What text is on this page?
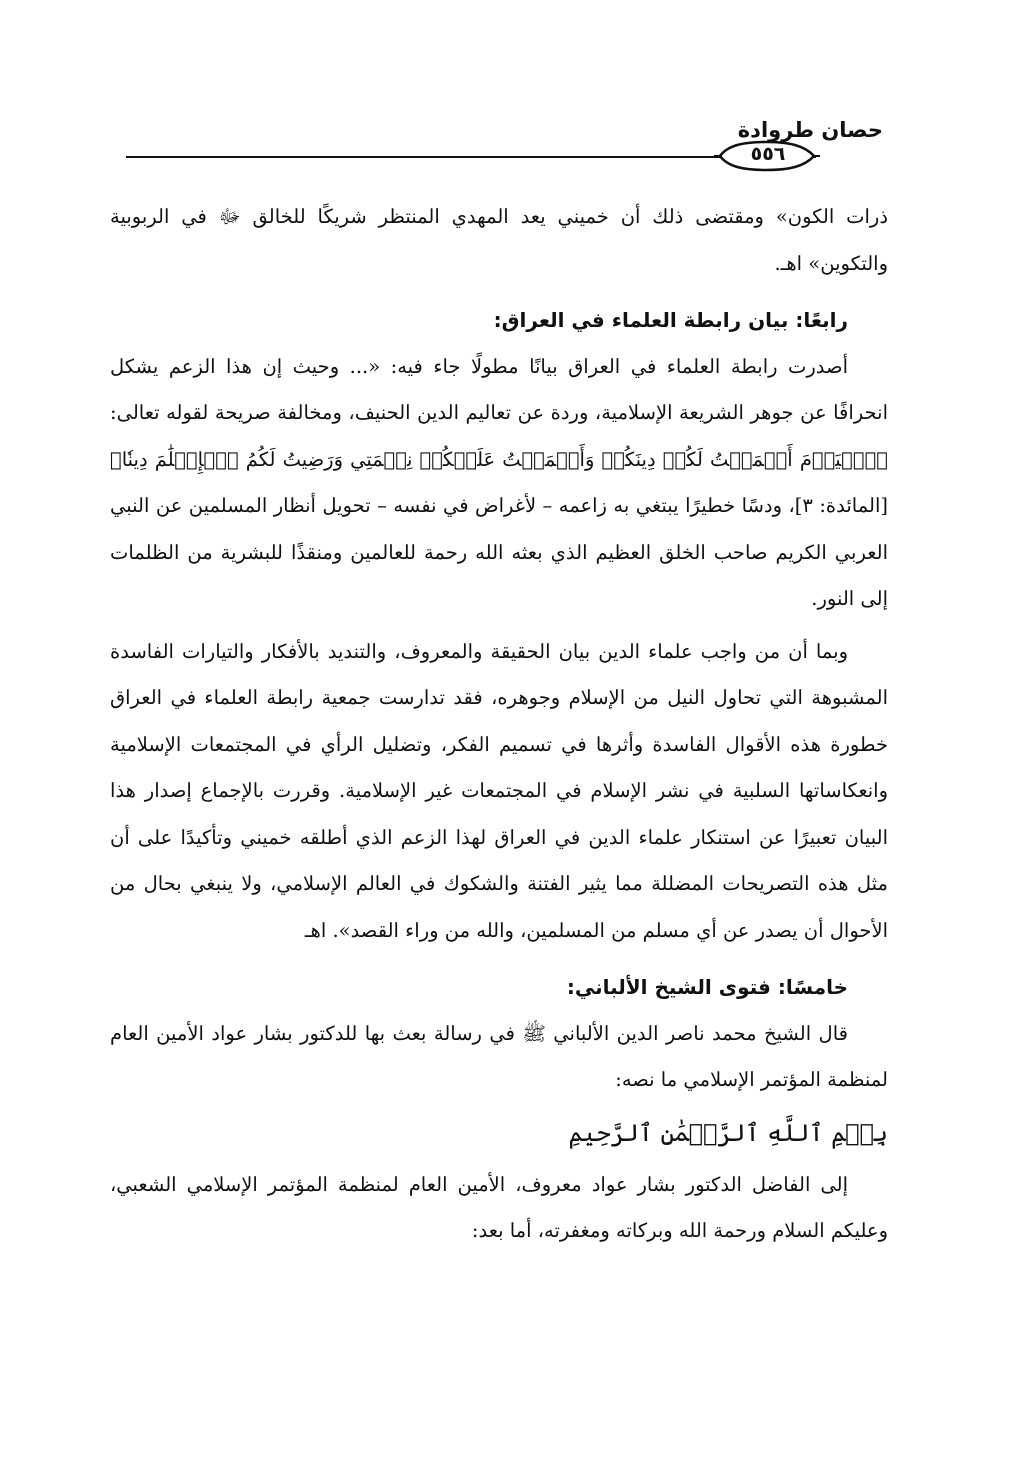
حصان طروادة
٥٥٦

ذرات الكون» ومقتضى ذلك أن خميني يعد المهدي المنتظر شريكًا للخالق ﷻ في الربوبية والتكوين» اهـ.

رابعًا: بيان رابطة العلماء في العراق:

أصدرت رابطة العلماء في العراق بيانًا مطولًا جاء فيه: «... وحيث إن هذا الزعم يشكل انحرافًا عن جوهر الشريعة الإسلامية، وردة عن تعاليم الدين الحنيف، ومخالفة صريحة لقوله تعالى: ﴿ٱلۡيَوۡمَ أَكۡمَلۡتُ لَكُمۡ دِينَكُمۡ وَأَتۡمَمۡتُ عَلَيۡكُمۡ نِعۡمَتِي وَرَضِيتُ لَكُمُ ٱلۡإِسۡلَٰمَ دِينٗا﴾ [المائدة: ٣]، ودسًا خطيرًا يبتغي به زاعمه – لأغراض في نفسه – تحويل أنظار المسلمين عن النبي العربي الكريم صاحب الخلق العظيم الذي بعثه الله رحمة للعالمين ومنقذًا للبشرية من الظلمات إلى النور.

وبما أن من واجب علماء الدين بيان الحقيقة والمعروف، والتنديد بالأفكار والتيارات الفاسدة المشبوهة التي تحاول النيل من الإسلام وجوهره، فقد تدارست جمعية رابطة العلماء في العراق خطورة هذه الأقوال الفاسدة وأثرها في تسميم الفكر، وتضليل الرأي في المجتمعات الإسلامية وانعكاساتها السلبية في نشر الإسلام في المجتمعات غير الإسلامية. وقررت بالإجماع إصدار هذا البيان تعبيرًا عن استنكار علماء الدين في العراق لهذا الزعم الذي أطلقه خميني وتأكيدًا على أن مثل هذه التصريحات المضللة مما يثير الفتنة والشكوك في العالم الإسلامي، ولا ينبغي بحال من الأحوال أن يصدر عن أي مسلم من المسلمين، والله من وراء القصد». اهـ

خامسًا: فتوى الشيخ الألباني:

قال الشيخ محمد ناصر الدين الألباني ﷺ في رسالة بعث بها للدكتور بشار عواد الأمين العام لمنظمة المؤتمر الإسلامي ما نصه:

بِسۡمِ ٱللَّهِ ٱلرَّحۡمَٰنِ ٱلرَّحِيمِ

إلى الفاضل الدكتور بشار عواد معروف، الأمين العام لمنظمة المؤتمر الإسلامي الشعبي، وعليكم السلام ورحمة الله وبركاته ومغفرته، أما بعد:
